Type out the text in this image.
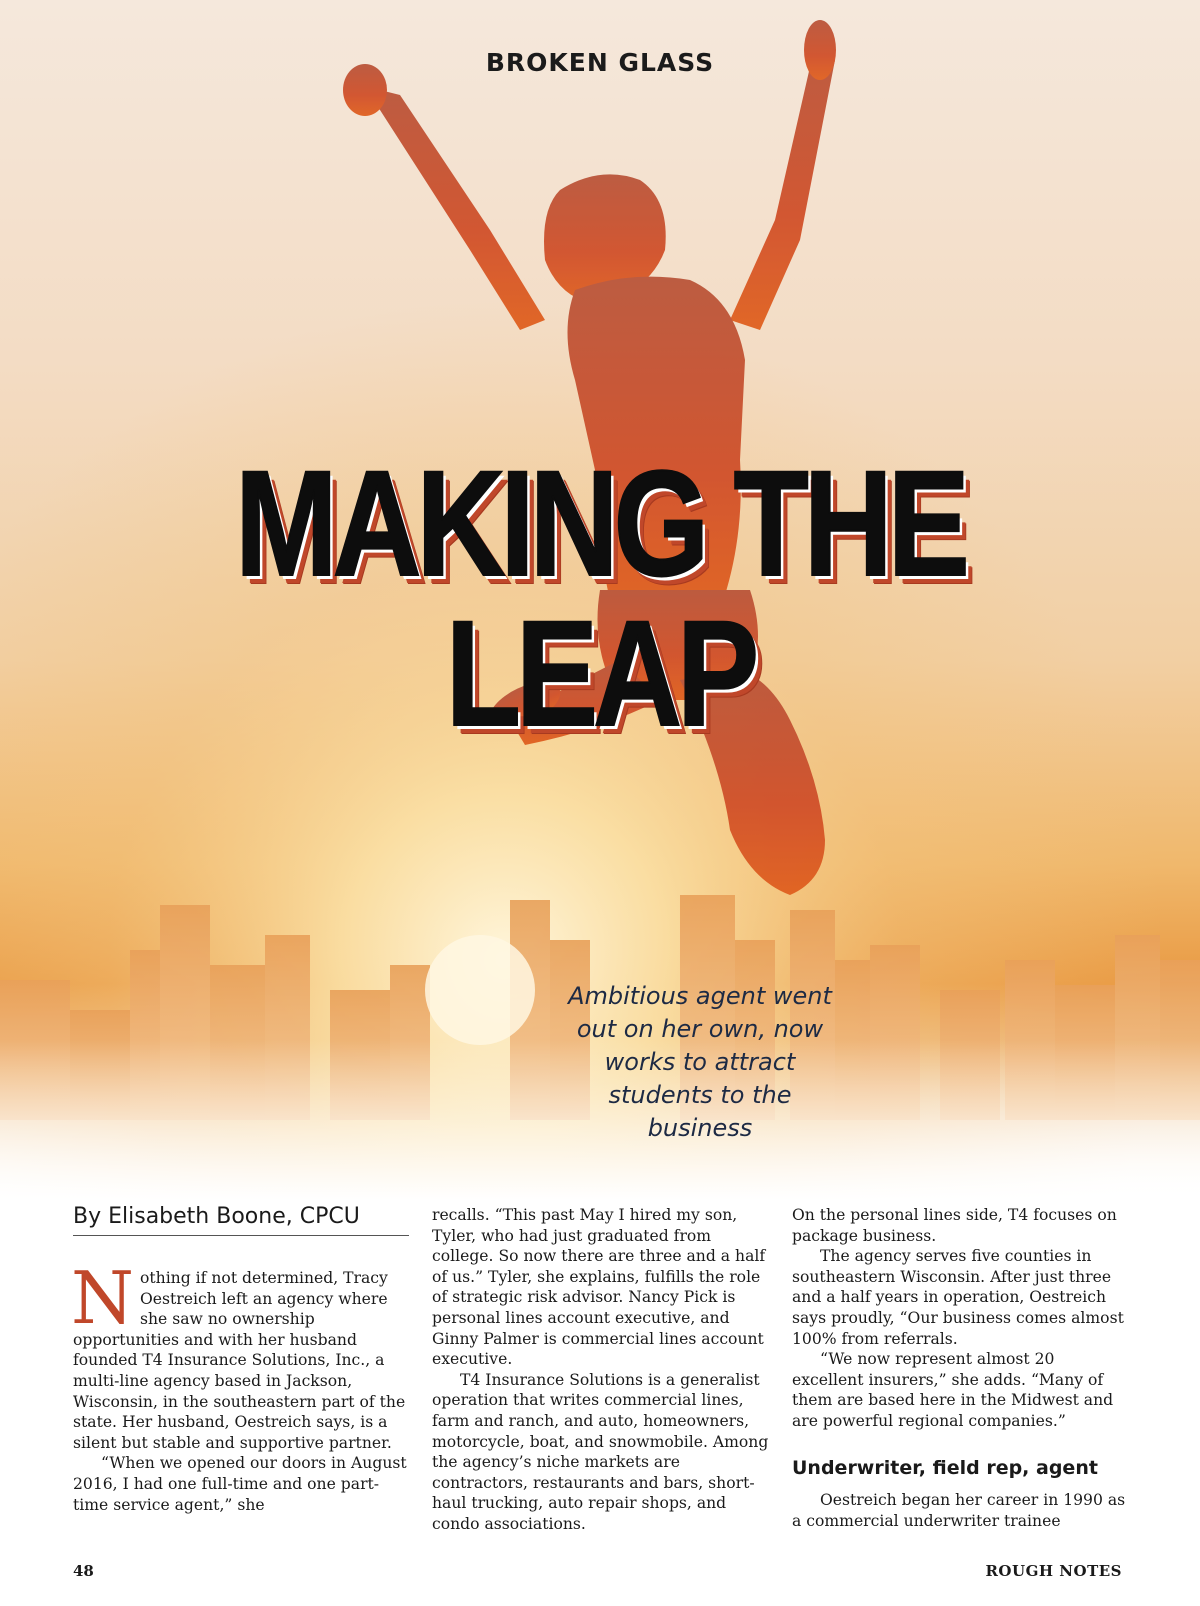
BROKEN GLASS
MAKING THE LEAP
Ambitious agent went out on her own, now works to attract students to the business
By Elisabeth Boone, CPCU

Nothing if not determined, Tracy Oestreich left an agency where she saw no ownership opportunities and with her husband founded T4 Insurance Solutions, Inc., a multi-line agency based in Jackson, Wisconsin, in the southeastern part of the state. Her husband, Oestreich says, is a silent but stable and supportive partner.

“When we opened our doors in August 2016, I had one full-time and one part-time service agent,” she

recalls. “This past May I hired my son, Tyler, who had just graduated from college. So now there are three and a half of us.” Tyler, she explains, fulfills the role of strategic risk advisor. Nancy Pick is personal lines account executive, and Ginny Palmer is commercial lines account executive.

T4 Insurance Solutions is a generalist operation that writes commercial lines, farm and ranch, and auto, homeowners, motorcycle, boat, and snowmobile. Among the agency’s niche markets are contractors, restaurants and bars, short-haul trucking, auto repair shops, and condo associations.

On the personal lines side, T4 focuses on package business.

The agency serves five counties in southeastern Wisconsin. After just three and a half years in operation, Oestreich says proudly, “Our business comes almost 100% from referrals.

“We now represent almost 20 excellent insurers,” she adds. “Many of them are based here in the Midwest and are powerful regional companies.”

Underwriter, field rep, agent

Oestreich began her career in 1990 as a commercial underwriter trainee

48	ROUGH NOTES
